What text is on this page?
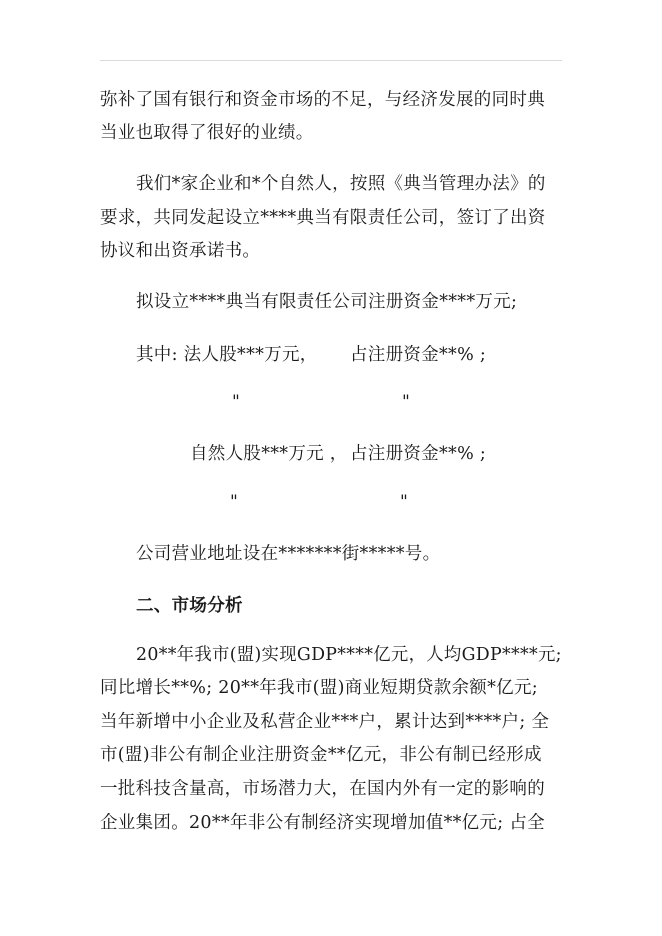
弥补了国有银行和资金市场的不足，与经济发展的同时典
当业也取得了很好的业绩。
我们*家企业和*个自然人，按照《典当管理办法》的
要求，共同发起设立****典当有限责任公司，签订了出资
协议和出资承诺书。
拟设立****典当有限责任公司注册资金****万元;
其中: 法人股***万元， 占注册资金**% ;
"	"
自然人股***万元 ， 占注册资金**% ;
"	"
公司营业地址设在*******街*****号。
二、市场分析
20**年我市(盟)实现GDP****亿元，人均GDP****元;
同比增长**%; 20**年我市(盟)商业短期贷款余额*亿元;
当年新增中小企业及私营企业***户，累计达到****户; 全
市(盟)非公有制企业注册资金**亿元，非公有制已经形成
一批科技含量高，市场潜力大，在国内外有一定的影响的
企业集团。20**年非公有制经济实现增加值**亿元; 占全
